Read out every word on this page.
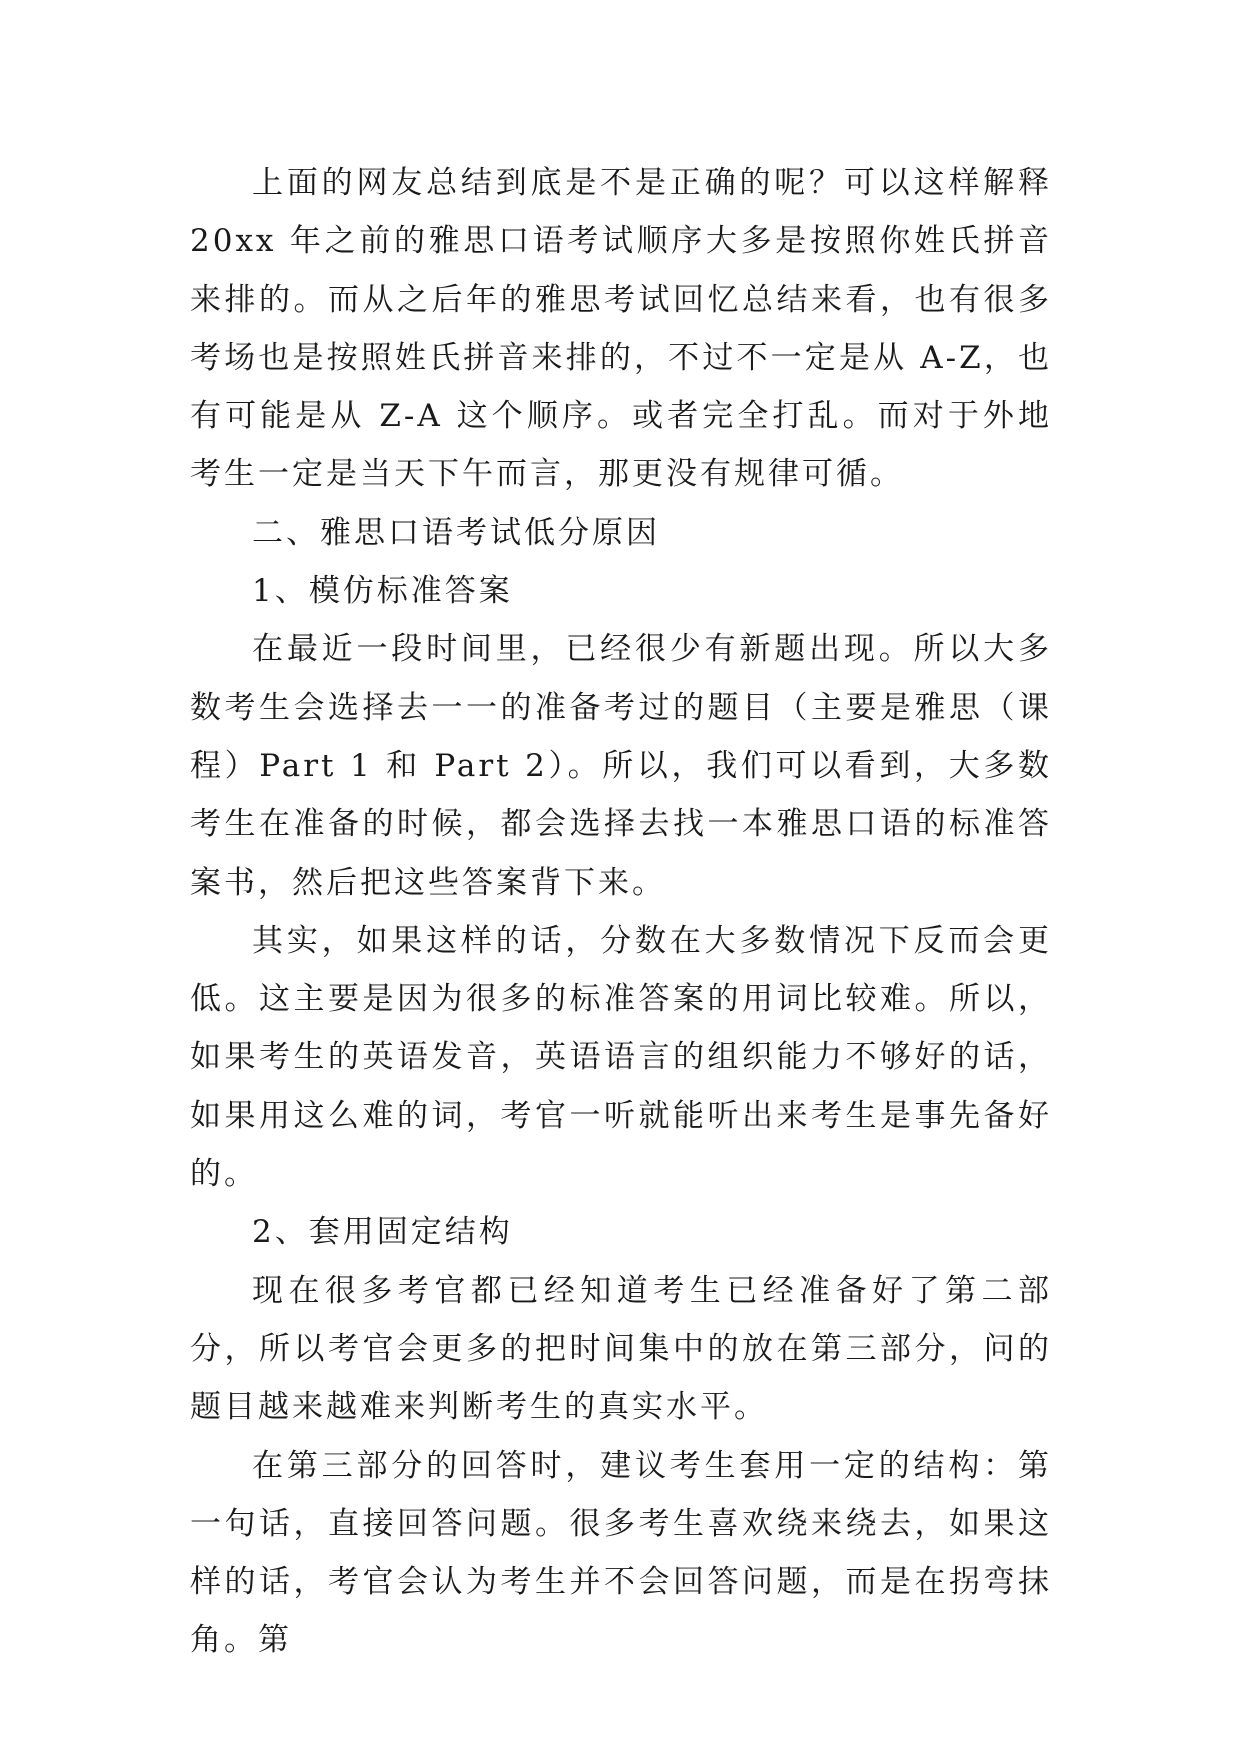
上面的网友总结到底是不是正确的呢？可以这样解释 20xx 年之前的雅思口语考试顺序大多是按照你姓氏拼音来排的。而从之后年的雅思考试回忆总结来看，也有很多考场也是按照姓氏拼音来排的，不过不一定是从 A-Z，也有可能是从 Z-A 这个顺序。或者完全打乱。而对于外地考生一定是当天下午而言，那更没有规律可循。

二、雅思口语考试低分原因

1、模仿标准答案

在最近一段时间里，已经很少有新题出现。所以大多数考生会选择去一一的准备考过的题目（主要是雅思（课程）Part 1 和 Part 2）。所以，我们可以看到，大多数考生在准备的时候，都会选择去找一本雅思口语的标准答案书，然后把这些答案背下来。

其实，如果这样的话，分数在大多数情况下反而会更低。这主要是因为很多的标准答案的用词比较难。所以，如果考生的英语发音，英语语言的组织能力不够好的话，如果用这么难的词，考官一听就能听出来考生是事先备好的。

2、套用固定结构

现在很多考官都已经知道考生已经准备好了第二部分，所以考官会更多的把时间集中的放在第三部分，问的题目越来越难来判断考生的真实水平。

在第三部分的回答时，建议考生套用一定的结构：第一句话，直接回答问题。很多考生喜欢绕来绕去，如果这样的话，考官会认为考生并不会回答问题，而是在拐弯抹角。第
